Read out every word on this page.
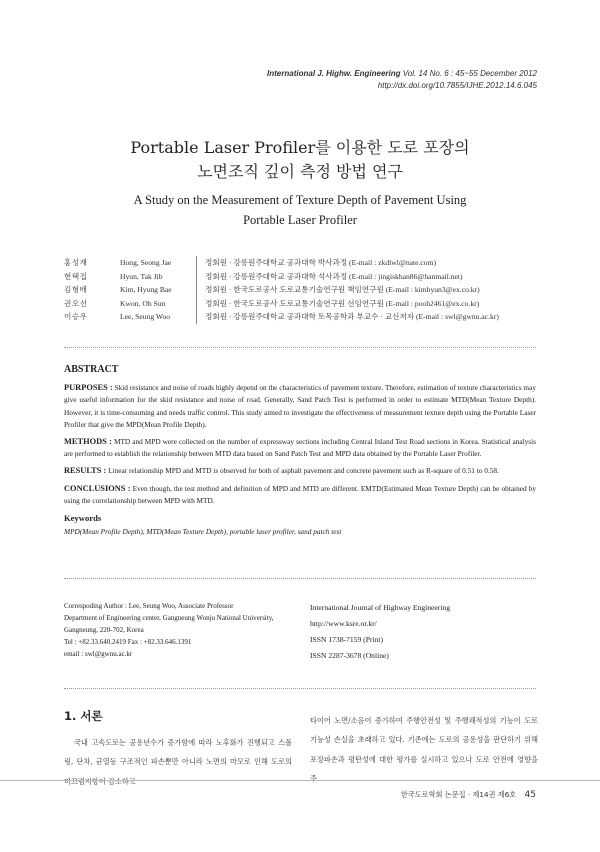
International J. Highw. Engineering Vol. 14 No. 6 : 45~55 December 2012
http://dx.doi.org/10.7855/IJHE.2012.14.6.045
Portable Laser Profiler를 이용한 도로 포장의
노면조직 깊이 측정 방법 연구
A Study on the Measurement of Texture Depth of Pavement Using
Portable Laser Profiler
홍성재	Hong, Seong Jae	정회원 · 강릉원주대학교 공과대학 박사과정 (E-mail : zkdlwl@nate.com)
현택집	Hyun, Tak Jib	정회원 · 강릉원주대학교 공과대학 석사과정 (E-mail : jingiskhan86@hanmail.net)
김형배	Kim, Hyung Bae	정회원 · 한국도로공사 도로교통기술연구원 책임연구원 (E-mail : kimhyun3@ex.co.kr)
권오선	Kwon, Oh Sun	정회원 · 한국도로공사 도로교통기술연구원 선임연구원 (E-mail : pooh2461@ex.co.kr)
이승우	Lee, Seung Woo	정회원 · 강릉원주대학교 공과대학 토목공학과 부교수 · 교신저자 (E-mail : swl@gwnu.ac.kr)
ABSTRACT

PURPOSES : Skid resistance and noise of roads highly depend on the characteristics of pavement texture. Therefore, estimation of texture characteristics may give useful information for the skid resistance and noise of road. Generally, Sand Patch Test is performed in order to estimate MTD(Mean Texture Depth). However, it is time-consuming and needs traffic control. This study aimed to investigate the effectiveness of measurement texture depth using the Portable Laser Profiler that give the MPD(Mean Profile Depth).

METHODS : MTD and MPD were collected on the number of expressway sections including Central Inland Test Road sections in Korea. Statistical analysis are performed to establish the relationship between MTD data based on Sand Patch Test and MPD data obtained by the Portable Laser Profiler.

RESULTS : Linear relationship MPD and MTD is observed for both of asphalt pavement and concrete pavement such as R-square of 0.51 to 0.58.

CONCLUSIONS : Even though, the test method and definition of MPD and MTD are different. EMTD(Estimated Mean Texture Depth) can be obtained by using the correlationship between MPD with MTD.

Keywords

MPD(Mean Profile Depth), MTD(Mean Texture Depth), portable laser profiler, sand patch test

Correspoding Author : Lee, Seung Woo, Associate Professor
Department of Engineering center, Gangneung Wonju National University,
Gangneung, 220-702, Korea
Tel : +82.33.640.2419 Fax : +82.33.646.1391
email : swl@gwnu.ac.kr
International Journal of Highway Engineering
http://www.ksre.or.kr/
ISSN 1738-7159 (Print)
ISSN 2287-3678 (Online)
1. 서론

국내 고속도로는 공용년수가 증가함에 따라 노후화가 진행되고 스폴링, 단차, 균열등 구조적인 파손뿐만 아니라 노면의 마모로 인해 도로의 미끄럼저항이 감소하고

타이어 노면/소음이 증가하여 주행안전성 및 주행쾌적성의 기능이 도로 기능성 손실을 초래하고 있다. 기존에는 도로의 공용성을 판단하기 위해 포장파손과 평탄성에 대한 평가를 실시하고 있으나 도로 안전에 영향을 주

한국도로학회 논문집 · 제14권 제6호 45
